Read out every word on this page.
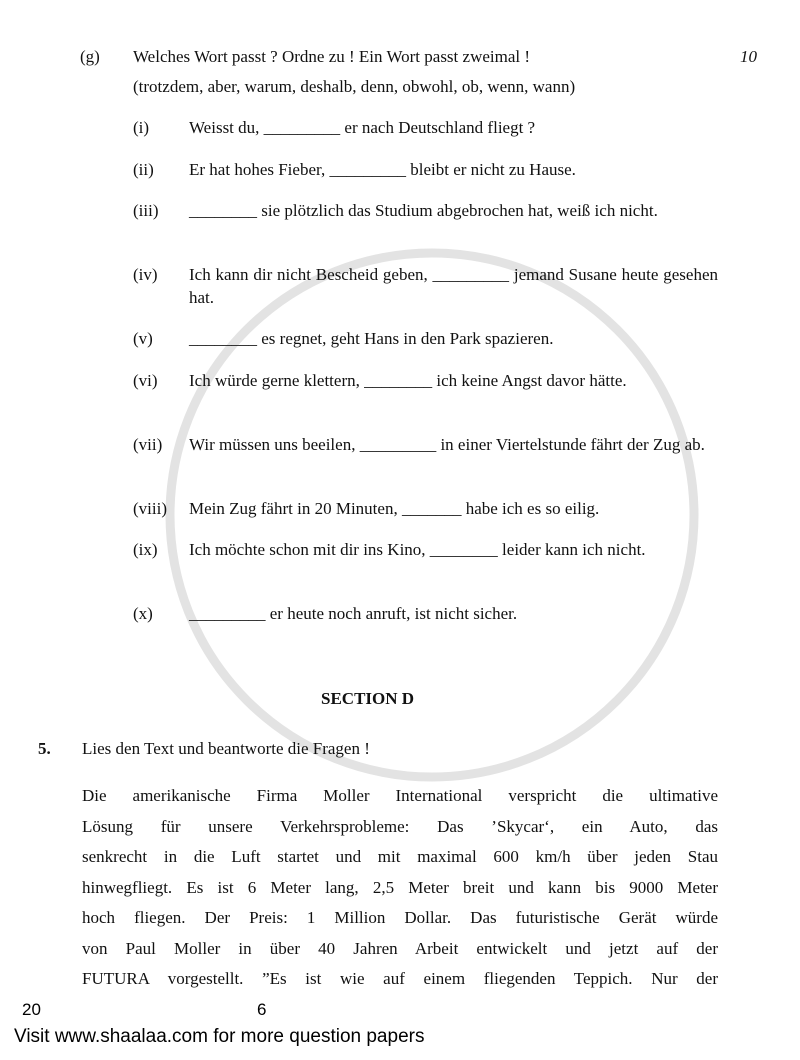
(g) Welches Wort passt ? Ordne zu ! Ein Wort passt zweimal !	10
(trotzdem, aber, warum, deshalb, denn, obwohl, ob, wenn, wann)
(i) Weisst du, _________ er nach Deutschland fliegt ?
(ii) Er hat hohes Fieber, _________ bleibt er nicht zu Hause.
(iii) ________ sie plötzlich das Studium abgebrochen hat, weiß ich nicht.
(iv) Ich kann dir nicht Bescheid geben, _________ jemand Susane heute gesehen hat.
(v) ________ es regnet, geht Hans in den Park spazieren.
(vi) Ich würde gerne klettern, ________ ich keine Angst davor hätte.
(vii) Wir müssen uns beeilen, _________ in einer Viertelstunde fährt der Zug ab.
(viii) Mein Zug fährt in 20 Minuten, _______ habe ich es so eilig.
(ix) Ich möchte schon mit dir ins Kino, ________ leider kann ich nicht.
(x) _________ er heute noch anruft, ist nicht sicher.
SECTION D
5. Lies den Text und beantworte die Fragen !
Die amerikanische Firma Moller International verspricht die ultimative
Lösung für unsere Verkehrsprobleme: Das ’Skycar‘, ein Auto, das
senkrecht in die Luft startet und mit maximal 600 km/h über jeden Stau
hinwegfliegt. Es ist 6 Meter lang, 2,5 Meter breit und kann bis 9000 Meter
hoch fliegen. Der Preis: 1 Million Dollar. Das futuristische Gerät würde
von Paul Moller in über 40 Jahren Arbeit entwickelt und jetzt auf der
FUTURA vorgestellt. ”Es ist wie auf einem fliegenden Teppich. Nur der
20	6
Visit www.shaalaa.com for more question papers
